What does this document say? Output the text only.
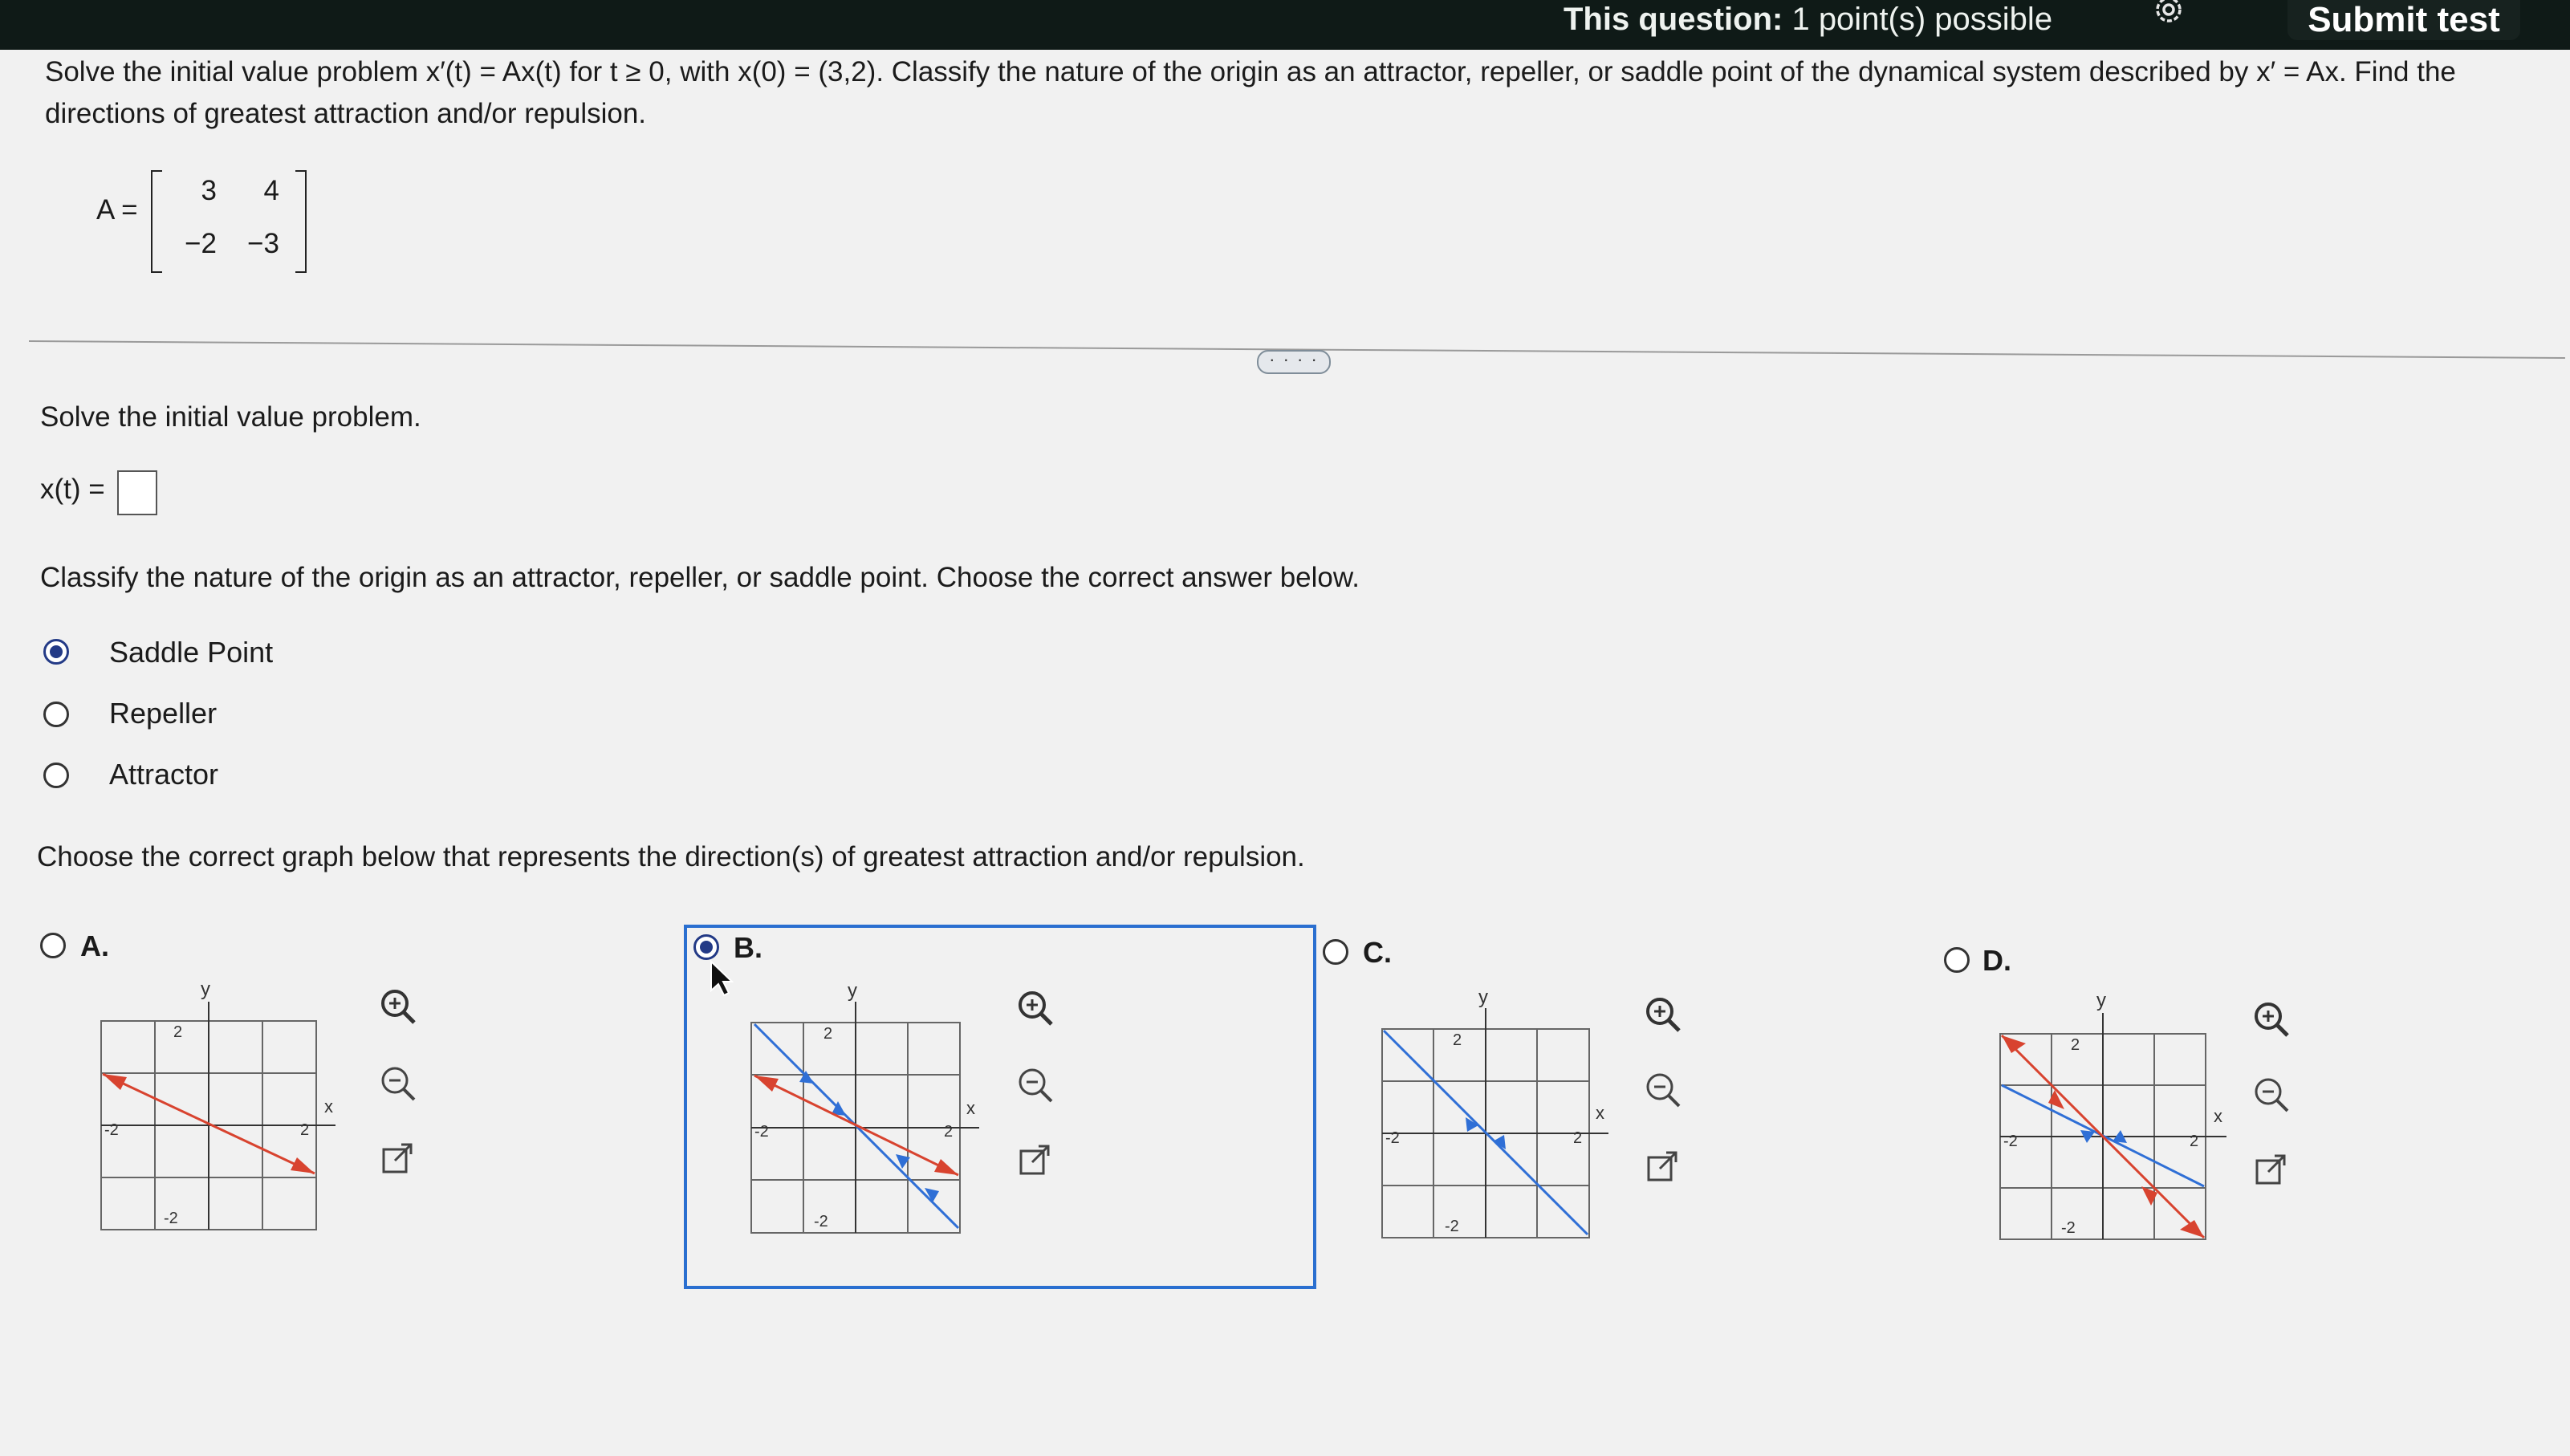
This question: 1 point(s) possible	Submit test
Solve the initial value problem x′(t) = Ax(t) for t ≥ 0, with x(0) = (3,2). Classify the nature of the origin as an attractor, repeller, or saddle point of the dynamical system described by x′ = Ax. Find the directions of greatest attraction and/or repulsion.
A =
3	4
−2 −3
· · · ·
Solve the initial value problem.
x(t) =
Classify the nature of the origin as an attractor, repeller, or saddle point. Choose the correct answer below.
Saddle Point
Repeller
Attractor
Choose the correct graph below that represents the direction(s) of greatest attraction and/or repulsion.
A.
y
x
2
-2	2
-2
B.
y
x
2
-2	2
-2
C.
y
x
2
-2	2
-2
D.
y
x
2
-2	2
-2
